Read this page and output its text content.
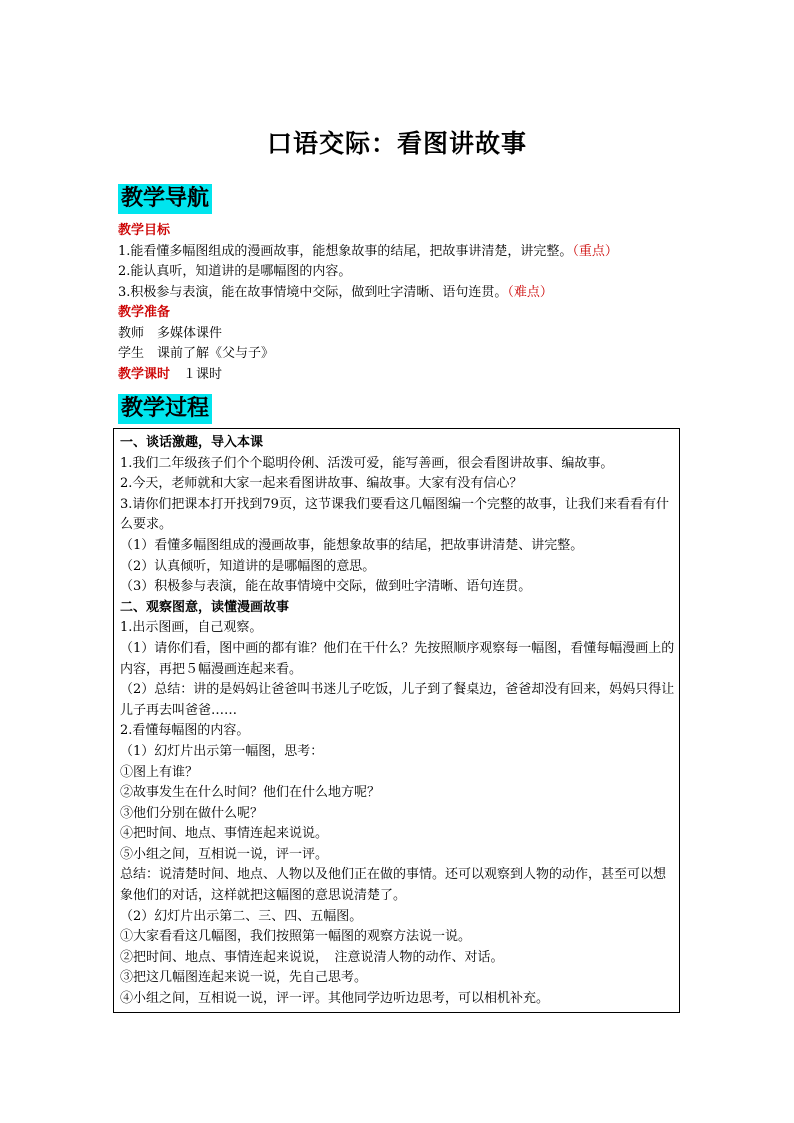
口语交际：看图讲故事
教学导航
教学目标
1.能看懂多幅图组成的漫画故事，能想象故事的结尾，把故事讲清楚，讲完整。（重点）
2.能认真听，知道讲的是哪幅图的内容。
3.积极参与表演，能在故事情境中交际，做到吐字清晰、语句连贯。（难点）
教学准备
教师　多媒体课件
学生　课前了解《父与子》
教学课时　 １课时
教学过程
一、谈话激趣，导入本课
1.我们二年级孩子们个个聪明伶俐、活泼可爱，能写善画，很会看图讲故事、编故事。
2.今天，老师就和大家一起来看图讲故事、编故事。大家有没有信心？
3.请你们把课本打开找到79页，这节课我们要看这几幅图编一个完整的故事，让我们来看看有什么要求。
（1）看懂多幅图组成的漫画故事，能想象故事的结尾，把故事讲清楚、讲完整。
（2）认真倾听，知道讲的是哪幅图的意思。
（3）积极参与表演，能在故事情境中交际，做到吐字清晰、语句连贯。
二、观察图意，读懂漫画故事
1.出示图画，自己观察。
（1）请你们看，图中画的都有谁？他们在干什么？先按照顺序观察每一幅图，看懂每幅漫画上的内容，再把５幅漫画连起来看。
（2）总结：讲的是妈妈让爸爸叫书迷儿子吃饭，儿子到了餐桌边，爸爸却没有回来，妈妈只得让儿子再去叫爸爸……
2.看懂每幅图的内容。
（1）幻灯片出示第一幅图，思考：
①图上有谁？
②故事发生在什么时间？他们在什么地方呢？
③他们分别在做什么呢？
④把时间、地点、事情连起来说说。
⑤小组之间，互相说一说，评一评。
总结：说清楚时间、地点、人物以及他们正在做的事情。还可以观察到人物的动作，甚至可以想象他们的对话，这样就把这幅图的意思说清楚了。
（2）幻灯片出示第二、三、四、五幅图。
①大家看看这几幅图，我们按照第一幅图的观察方法说一说。
②把时间、地点、事情连起来说说，　注意说清人物的动作、对话。
③把这几幅图连起来说一说，先自己思考。
④小组之间，互相说一说，评一评。其他同学边听边思考，可以相机补充。
